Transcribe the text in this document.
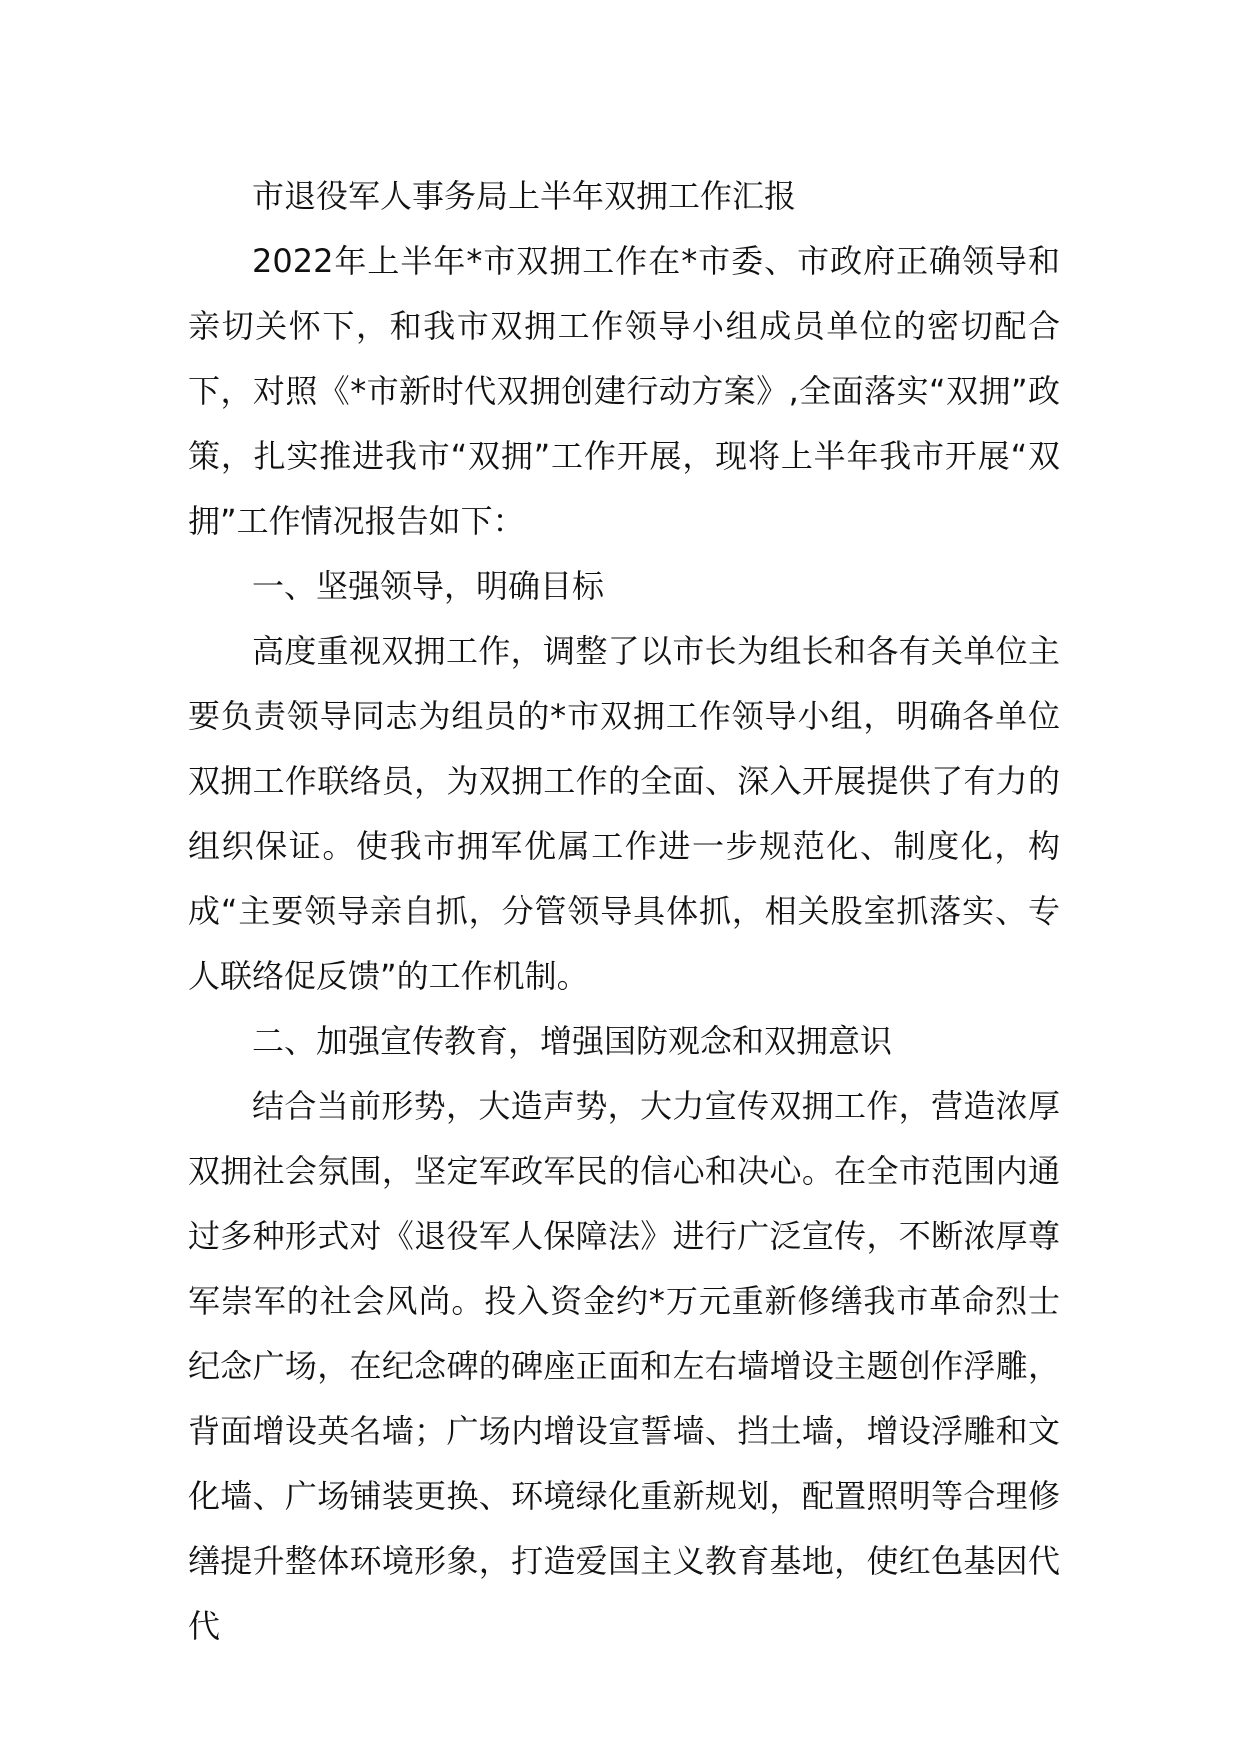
市退役军人事务局上半年双拥工作汇报

2022年上半年*市双拥工作在*市委、市政府正确领导和亲切关怀下，和我市双拥工作领导小组成员单位的密切配合下，对照《*市新时代双拥创建行动方案》,全面落实“双拥”政策，扎实推进我市“双拥”工作开展，现将上半年我市开展“双拥”工作情况报告如下：

一、坚强领导，明确目标

高度重视双拥工作，调整了以市长为组长和各有关单位主要负责领导同志为组员的*市双拥工作领导小组，明确各单位双拥工作联络员，为双拥工作的全面、深入开展提供了有力的组织保证。使我市拥军优属工作进一步规范化、制度化，构成“主要领导亲自抓，分管领导具体抓，相关股室抓落实、专人联络促反馈”的工作机制。

二、加强宣传教育，增强国防观念和双拥意识

结合当前形势，大造声势，大力宣传双拥工作，营造浓厚双拥社会氛围，坚定军政军民的信心和决心。在全市范围内通过多种形式对《退役军人保障法》进行广泛宣传，不断浓厚尊军崇军的社会风尚。投入资金约*万元重新修缮我市革命烈士纪念广场，在纪念碑的碑座正面和左右墙增设主题创作浮雕，背面增设英名墙；广场内增设宣誓墙、挡土墙，增设浮雕和文化墙、广场铺装更换、环境绿化重新规划，配置照明等合理修缮提升整体环境形象，打造爱国主义教育基地，使红色基因代代
